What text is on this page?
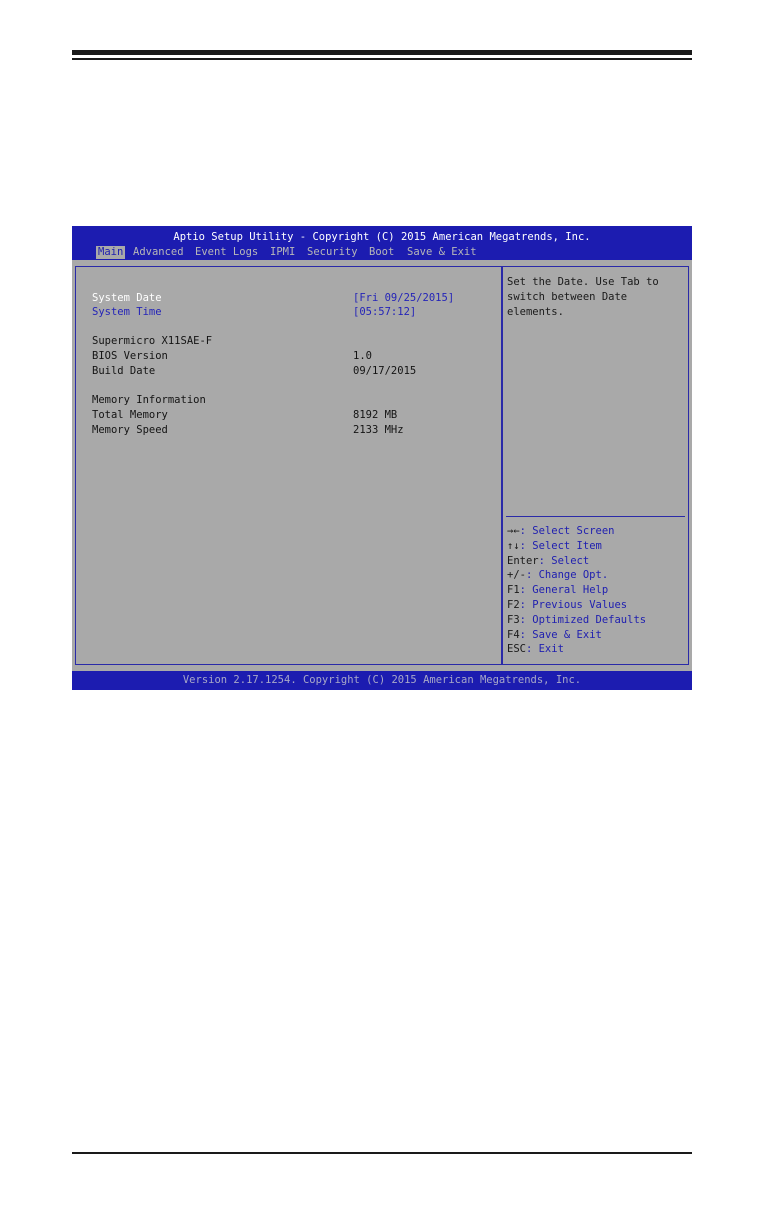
Aptio Setup Utility - Copyright (C) 2015 American Megatrends, Inc.
Main Advanced Event Logs IPMI Security Boot Save & Exit
System Date	[Fri 09/25/2015]
System Time	[05:57:12]
Supermicro X11SAE-F
BIOS Version	1.0
Build Date	09/17/2015
Memory Information
Total Memory	8192 MB
Memory Speed	2133 MHz
Set the Date. Use Tab to switch between Date elements.
→←: Select Screen
↑↓: Select Item
Enter: Select
+/-: Change Opt.
F1: General Help
F2: Previous Values
F3: Optimized Defaults
F4: Save & Exit
ESC: Exit
Version 2.17.1254. Copyright (C) 2015 American Megatrends, Inc.
